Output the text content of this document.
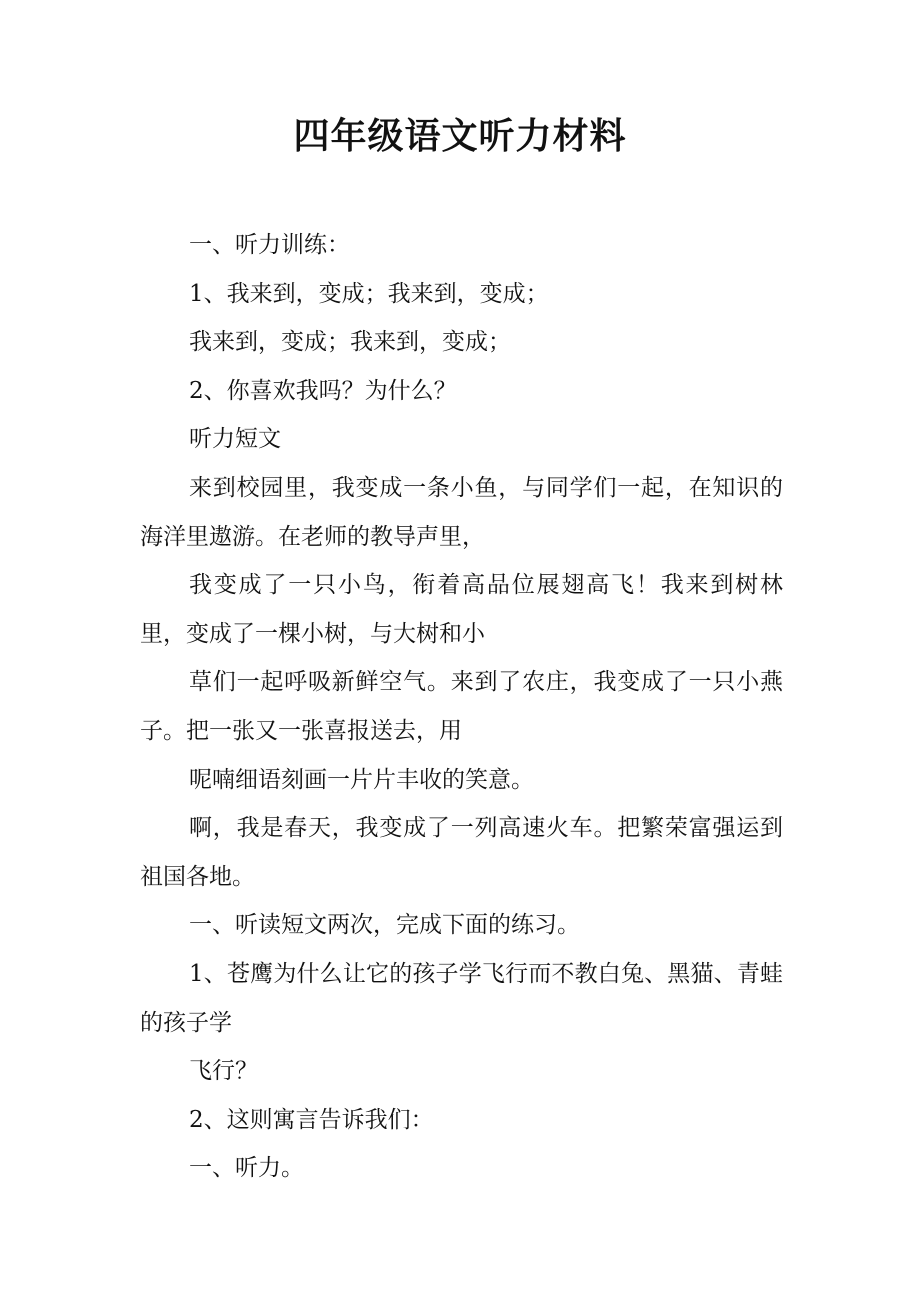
四年级语文听力材料

一、听力训练：

1、我来到，变成；我来到，变成；

我来到，变成；我来到，变成；

2、你喜欢我吗？为什么？

听力短文

来到校园里，我变成一条小鱼，与同学们一起，在知识的海洋里遨游。在老师的教导声里，

我变成了一只小鸟，衔着高品位展翅高飞！我来到树林里，变成了一棵小树，与大树和小

草们一起呼吸新鲜空气。来到了农庄，我变成了一只小燕子。把一张又一张喜报送去，用

呢喃细语刻画一片片丰收的笑意。

啊，我是春天，我变成了一列高速火车。把繁荣富强运到祖国各地。

一、听读短文两次，完成下面的练习。

1、苍鹰为什么让它的孩子学飞行而不教白兔、黑猫、青蛙的孩子学

飞行？

2、这则寓言告诉我们：

一、听力。
